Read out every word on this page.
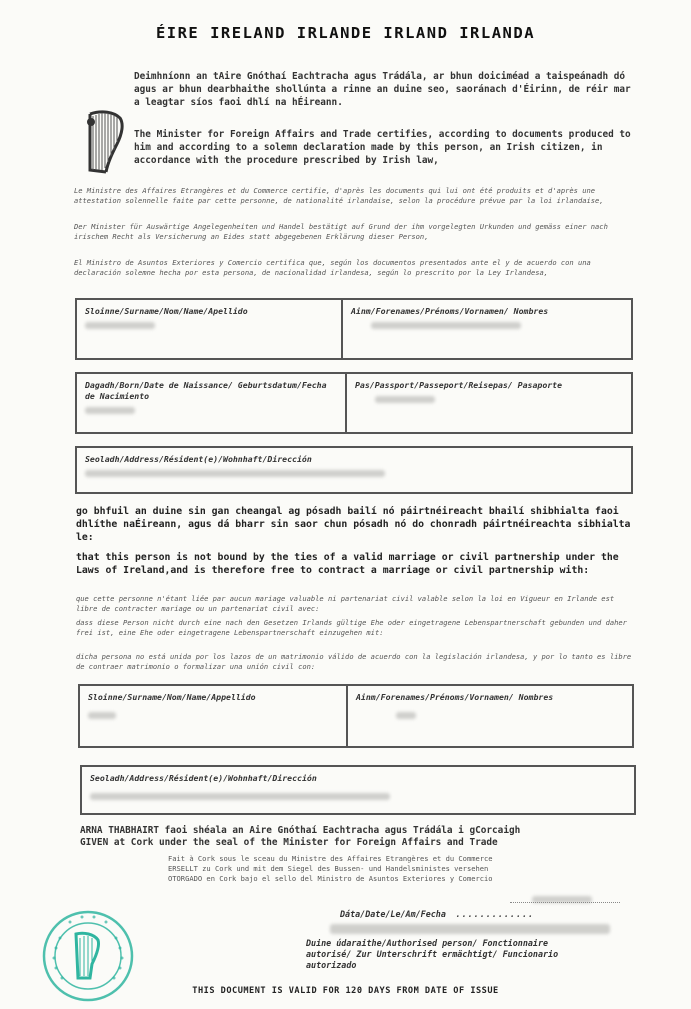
ÉIRE IRELAND IRLANDE IRLAND IRLANDA
Deimhníonn an tAire Gnóthaí Eachtracha agus Trádála, ar bhun doiciméad a taispeánadh dó agus ar bhun dearbhaithe shollúnta a rinne an duine seo, saoránach d'Éirinn, de réir mar a leagtar síos faoi dhlí na hÉireann.
The Minister for Foreign Affairs and Trade certifies, according to documents produced to him and according to a solemn declaration made by this person, an Irish citizen, in accordance with the procedure prescribed by Irish law,
Le Ministre des Affaires Etrangères et du Commerce certifie, d'après les documents qui lui ont été produits et d'après une attestation solennelle faite par cette personne, de nationalité irlandaise, selon la procédure prévue par la loi irlandaise,
Der Minister für Auswärtige Angelegenheiten und Handel bestätigt auf Grund der ihm vorgelegten Urkunden und gemäss einer nach irischem Recht als Versicherung an Eides statt abgegebenen Erklärung dieser Person,
El Ministro de Asuntos Exteriores y Comercio certifica que, según los documentos presentados ante el y de acuerdo con una declaración solemne hecha por esta persona, de nacionalidad irlandesa, según lo prescrito por la Ley Irlandesa,
Sloinne/Surname/Nom/Name/Apellido	Ainm/Forenames/Prénoms/Vornamen/ Nombres
Dagadh/Born/Date de Naissance/ Geburtsdatum/Fecha de Nacimiento
Pas/Passport/Passeport/Reisepas/ Pasaporte
Seoladh/Address/Résident(e)/Wohnhaft/Dirección
go bhfuil an duine sin gan cheangal ag pósadh bailí nó páirtnéireacht bhailí shibhialta faoi dhlíthe naÉireann, agus dá bharr sin saor chun pósadh nó do chonradh páirtnéireachta sibhialta le:
that this person is not bound by the ties of a valid marriage or civil partnership under the Laws of Ireland,and is therefore free to contract a marriage or civil partnership with:
que cette personne n'étant liée par aucun mariage valuable ni partenariat civil valable selon la loi en Vigueur en Irlande est libre de contracter mariage ou un partenariat civil avec:
dass diese Person nicht durch eine nach den Gesetzen Irlands gültige Ehe oder eingetragene Lebenspartnerschaft gebunden und daher frei ist, eine Ehe oder eingetragene Lebenspartnerschaft einzugehen mit:
dicha persona no está unida por los lazos de un matrimonio válido de acuerdo con la legislación irlandesa, y por lo tanto es libre de contraer matrimonio o formalizar una unión civil con:
Sloinne/Surname/Nom/Name/Appellido	Ainm/Forenames/Prénoms/Vornamen/ Nombres
Seoladh/Address/Résident(e)/Wohnhaft/Dirección
ARNA THABHAIRT faoi shéala an Aire Gnóthaí Eachtracha agus Trádála i gCorcaigh
GIVEN at Cork under the seal of the Minister for Foreign Affairs and Trade
Fait à Cork sous le sceau du Ministre des Affaires Etrangères et du Commerce
ERSELLT zu Cork und mit dem Siegel des Bussen- und Handelsministes versehen
OTORGADO en Cork bajo el sello del Ministro de Asuntos Exteriores y Comercio
Dáta/Date/Le/Am/Fecha .............
Duine údaraithe/Authorised person/ Fonctionnaire autorisé/ Zur Unterschrift ermächtigt/ Funcionario autorizado
THIS DOCUMENT IS VALID FOR 120 DAYS FROM DATE OF ISSUE
